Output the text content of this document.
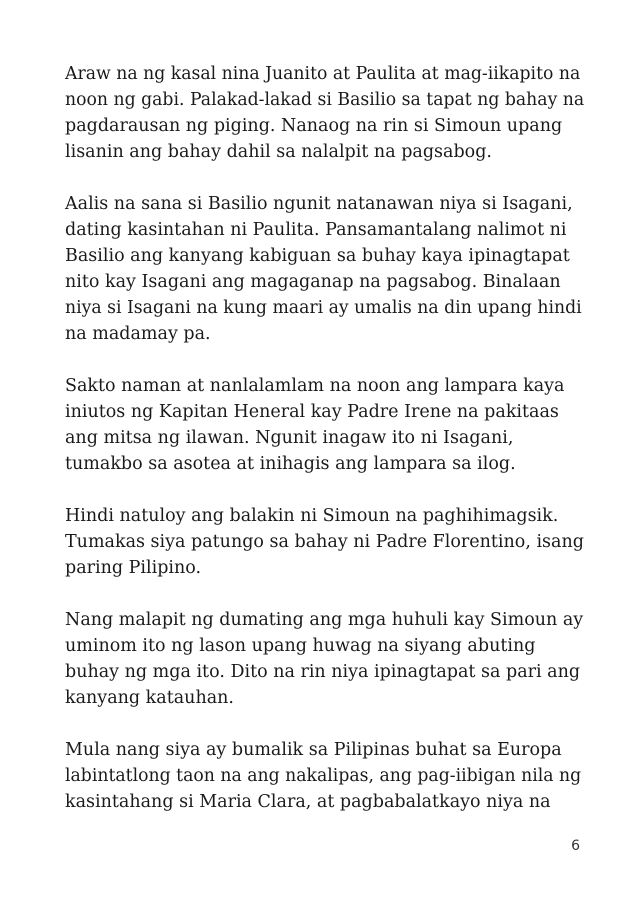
Araw na ng kasal nina Juanito at Paulita at mag-iikapito na
noon ng gabi. Palakad-lakad si Basilio sa tapat ng bahay na
pagdarausan ng piging. Nanaog na rin si Simoun upang
lisanin ang bahay dahil sa nalalpit na pagsabog.

Aalis na sana si Basilio ngunit natanawan niya si Isagani,
dating kasintahan ni Paulita. Pansamantalang nalimot ni
Basilio ang kanyang kabiguan sa buhay kaya ipinagtapat
nito kay Isagani ang magaganap na pagsabog. Binalaan
niya si Isagani na kung maari ay umalis na din upang hindi
na madamay pa.

Sakto naman at nanlalamlam na noon ang lampara kaya
iniutos ng Kapitan Heneral kay Padre Irene na pakitaas
ang mitsa ng ilawan. Ngunit inagaw ito ni Isagani,
tumakbo sa asotea at inihagis ang lampara sa ilog.

Hindi natuloy ang balakin ni Simoun na paghihimagsik.
Tumakas siya patungo sa bahay ni Padre Florentino, isang
paring Pilipino.

Nang malapit ng dumating ang mga huhuli kay Simoun ay
uminom ito ng lason upang huwag na siyang abuting
buhay ng mga ito. Dito na rin niya ipinagtapat sa pari ang
kanyang katauhan.

Mula nang siya ay bumalik sa Pilipinas buhat sa Europa
labintatlong taon na ang nakalipas, ang pag-iibigan nila ng
kasintahang si Maria Clara, at pagbabalatkayo niya na

6
